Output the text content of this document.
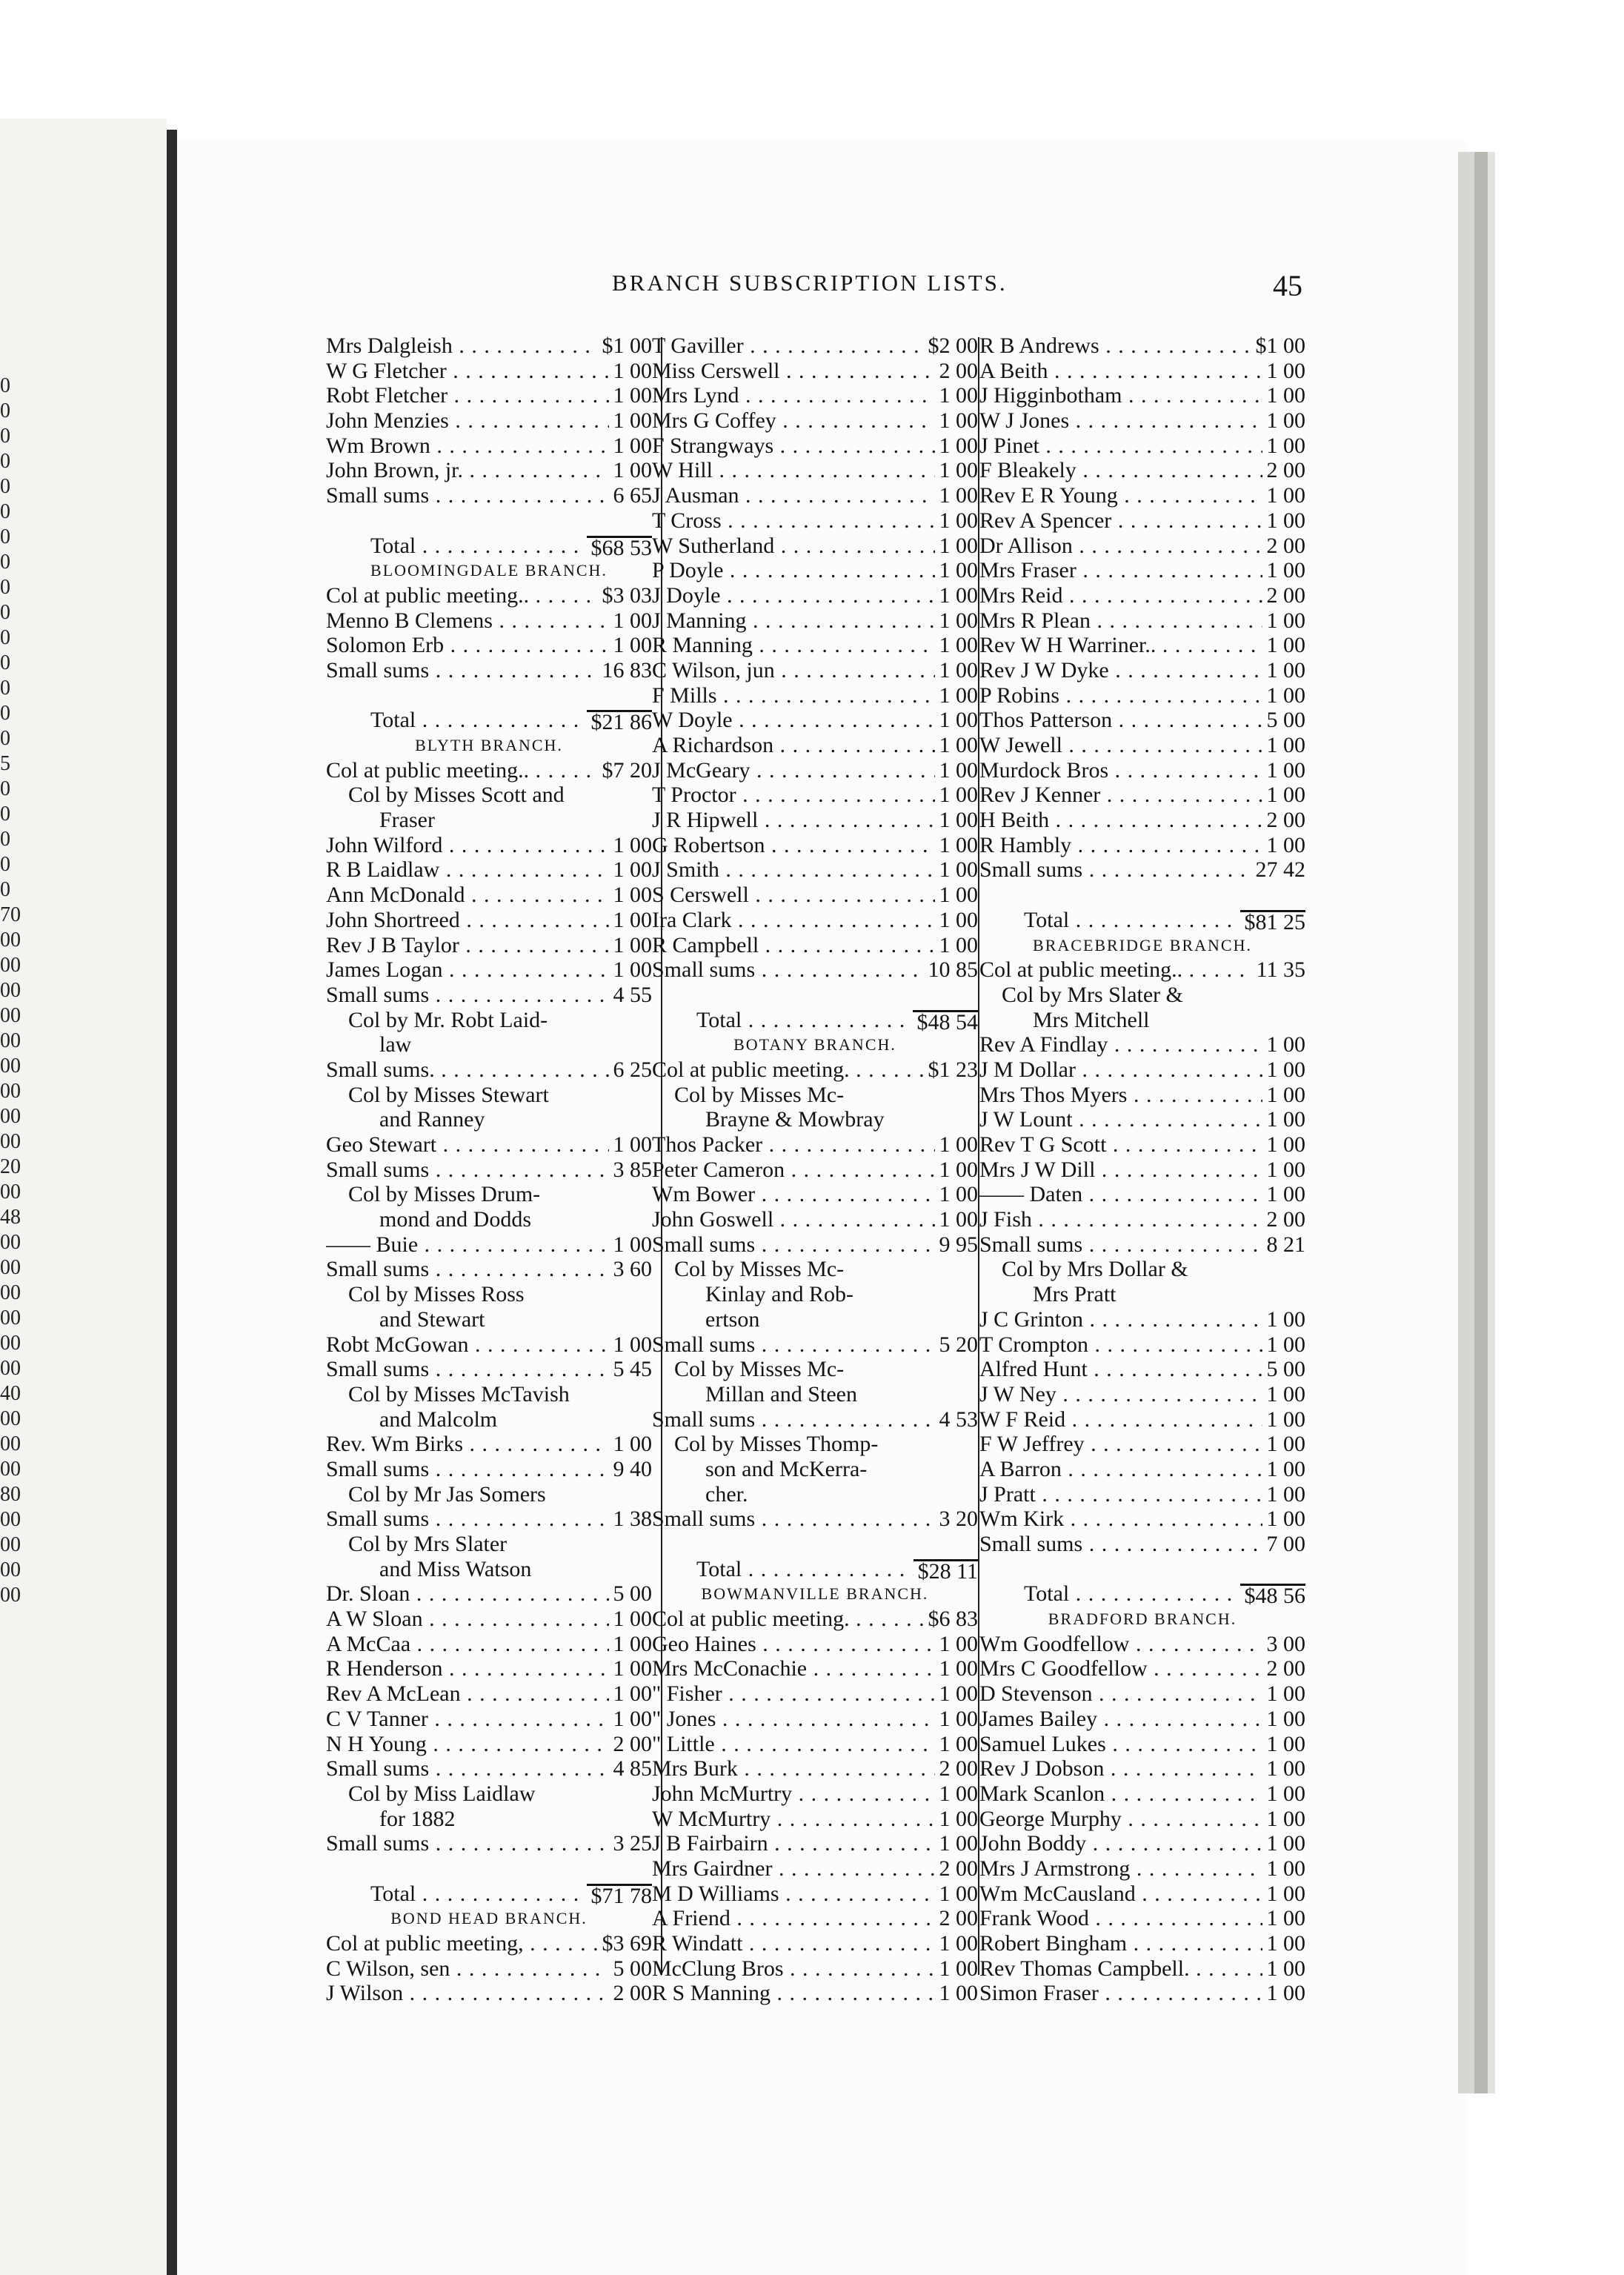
0
0
0
0
0
0
0
0
0
0
0
0
0
0
0
5
0
0
0
0
0
70
00
00
00
00
00
00
00
00
00
20
00
48
00
00
00
00
00
00
40
00
00
00
80
00
00
00
00
BRANCH SUBSCRIPTION LISTS.	45
Mrs Dalgleish . . .	$1 00
W G Fletcher . . .	1 00
Robt Fletcher . . .	1 00
John Menzies . . .	1 00
Wm Brown . . .	1 00
John Brown, jr. . . .	1 00
Small sums . . .	6 65
Total . . .	$68 53
BLOOMINGDALE BRANCH.
Col at public meeting.. . . .	$3 03
Menno B Clemens . . .	1 00
Solomon Erb . . .	1 00
Small sums . . .	16 83
Total . . .	$21 86
BLYTH BRANCH.
Col at public meeting.. . . .	$7 20
Col by Misses Scott and
Fraser
John Wilford . . .	1 00
R B Laidlaw . . .	1 00
Ann McDonald . . .	1 00
John Shortreed . . .	1 00
Rev J B Taylor . . .	1 00
James Logan . . .	1 00
Small sums . . .	4 55
Col by Mr. Robt Laid-
law
Small sums. . . .	6 25
Col by Misses Stewart
and Ranney
Geo Stewart . . .	1 00
Small sums . . .	3 85
Col by Misses Drum-
mond and Dodds
—— Buie . . .	1 00
Small sums . . .	3 60
Col by Misses Ross
and Stewart
Robt McGowan . . .	1 00
Small sums . . .	5 45
Col by Misses McTavish
and Malcolm
Rev. Wm Birks . . .	1 00
Small sums . . .	9 40
Col by Mr Jas Somers
Small sums . . .	1 38
Col by Mrs Slater
and Miss Watson
Dr. Sloan . . .	5 00
A W Sloan . . .	1 00
A McCaa . . .	1 00
R Henderson . . .	1 00
Rev A McLean . . .	1 00
C V Tanner . . .	1 00
N H Young . . .	2 00
Small sums . . .	4 85
Col by Miss Laidlaw
for 1882
Small sums . . .	3 25
Total . . .	$71 78
BOND HEAD BRANCH.
Col at public meeting, . . .	$3 69
C Wilson, sen . . .	5 00
J Wilson . . .	2 00
T Gaviller . . .	$2 00
Miss Cerswell . . .	2 00
Mrs Lynd . . .	1 00
Mrs G Coffey . . .	1 00
F Strangways . . .	1 00
W Hill . . .	1 00
J Ausman . . .	1 00
T Cross . . .	1 00
W Sutherland . . .	1 00
P Doyle . . .	1 00
J Doyle . . .	1 00
J Manning . . .	1 00
R Manning . . .	1 00
C Wilson, jun . . .	1 00
F Mills . . .	1 00
W Doyle . . .	1 00
A Richardson . . .	1 00
J McGeary . . .	1 00
T Proctor . . .	1 00
J R Hipwell . . .	1 00
G Robertson . . .	1 00
J Smith . . .	1 00
S Cerswell . . .	1 00
Ira Clark . . .	1 00
R Campbell . . .	1 00
Small sums . . .	10 85
Total . . .	$48 54
BOTANY BRANCH.
Col at public meeting. . . .	$1 23
Col by Misses Mc-
Brayne & Mowbray
Thos Packer . . .	1 00
Peter Cameron . . .	1 00
Wm Bower . . .	1 00
John Goswell . . .	1 00
Small sums . . .	9 95
Col by Misses Mc-
Kinlay and Rob-
ertson
Small sums . . .	5 20
Col by Misses Mc-
Millan and Steen
Small sums . . .	4 53
Col by Misses Thomp-
son and McKerra-
cher.
Small sums . . .	3 20
Total . . .	$28 11
BOWMANVILLE BRANCH.
Col at public meeting. . . .	$6 83
Geo Haines . . .	1 00
Mrs McConachie . . .	1 00
" Fisher . . .	1 00
" Jones . . .	1 00
" Little . . .	1 00
Mrs Burk . . .	2 00
John McMurtry . . .	1 00
W McMurtry . . .	1 00
J B Fairbairn . . .	1 00
Mrs Gairdner . . .	2 00
M D Williams . . .	1 00
A Friend . . .	2 00
R Windatt . . .	1 00
McClung Bros . . .	1 00
R S Manning . . .	1 00
R B Andrews . . .	$1 00
A Beith . . .	1 00
J Higginbotham . . .	1 00
W J Jones . . .	1 00
J Pinet . . .	1 00
F Bleakely . . .	2 00
Rev E R Young . . .	1 00
Rev A Spencer . . .	1 00
Dr Allison . . .	2 00
Mrs Fraser . . .	1 00
Mrs Reid . . .	2 00
Mrs R Plean . . .	1 00
Rev W H Warriner.. . . .	1 00
Rev J W Dyke . . .	1 00
P Robins . . .	1 00
Thos Patterson . . .	5 00
W Jewell . . .	1 00
Murdock Bros . . .	1 00
Rev J Kenner . . .	1 00
H Beith . . .	2 00
R Hambly . . .	1 00
Small sums . . .	27 42
Total . . .	$81 25
BRACEBRIDGE BRANCH.
Col at public meeting.. . . .	11 35
Col by Mrs Slater &
Mrs Mitchell
Rev A Findlay . . .	1 00
J M Dollar . . .	1 00
Mrs Thos Myers . . .	1 00
J W Lount . . .	1 00
Rev T G Scott . . .	1 00
Mrs J W Dill . . .	1 00
—— Daten . . .	1 00
J Fish . . .	2 00
Small sums . . .	8 21
Col by Mrs Dollar &
Mrs Pratt
J C Grinton . . .	1 00
T Crompton . . .	1 00
Alfred Hunt . . .	5 00
J W Ney . . .	1 00
W F Reid . . .	1 00
F W Jeffrey . . .	1 00
A Barron . . .	1 00
J Pratt . . .	1 00
Wm Kirk . . .	1 00
Small sums . . .	7 00
Total . . .	$48 56
BRADFORD BRANCH.
Wm Goodfellow . . .	3 00
Mrs C Goodfellow . . .	2 00
D Stevenson . . .	1 00
James Bailey . . .	1 00
Samuel Lukes . . .	1 00
Rev J Dobson . . .	1 00
Mark Scanlon . . .	1 00
George Murphy . . .	1 00
John Boddy . . .	1 00
Mrs J Armstrong . . .	1 00
Wm McCausland . . .	1 00
Frank Wood . . .	1 00
Robert Bingham . . .	1 00
Rev Thomas Campbell. . . .	1 00
Simon Fraser . . .	1 00
